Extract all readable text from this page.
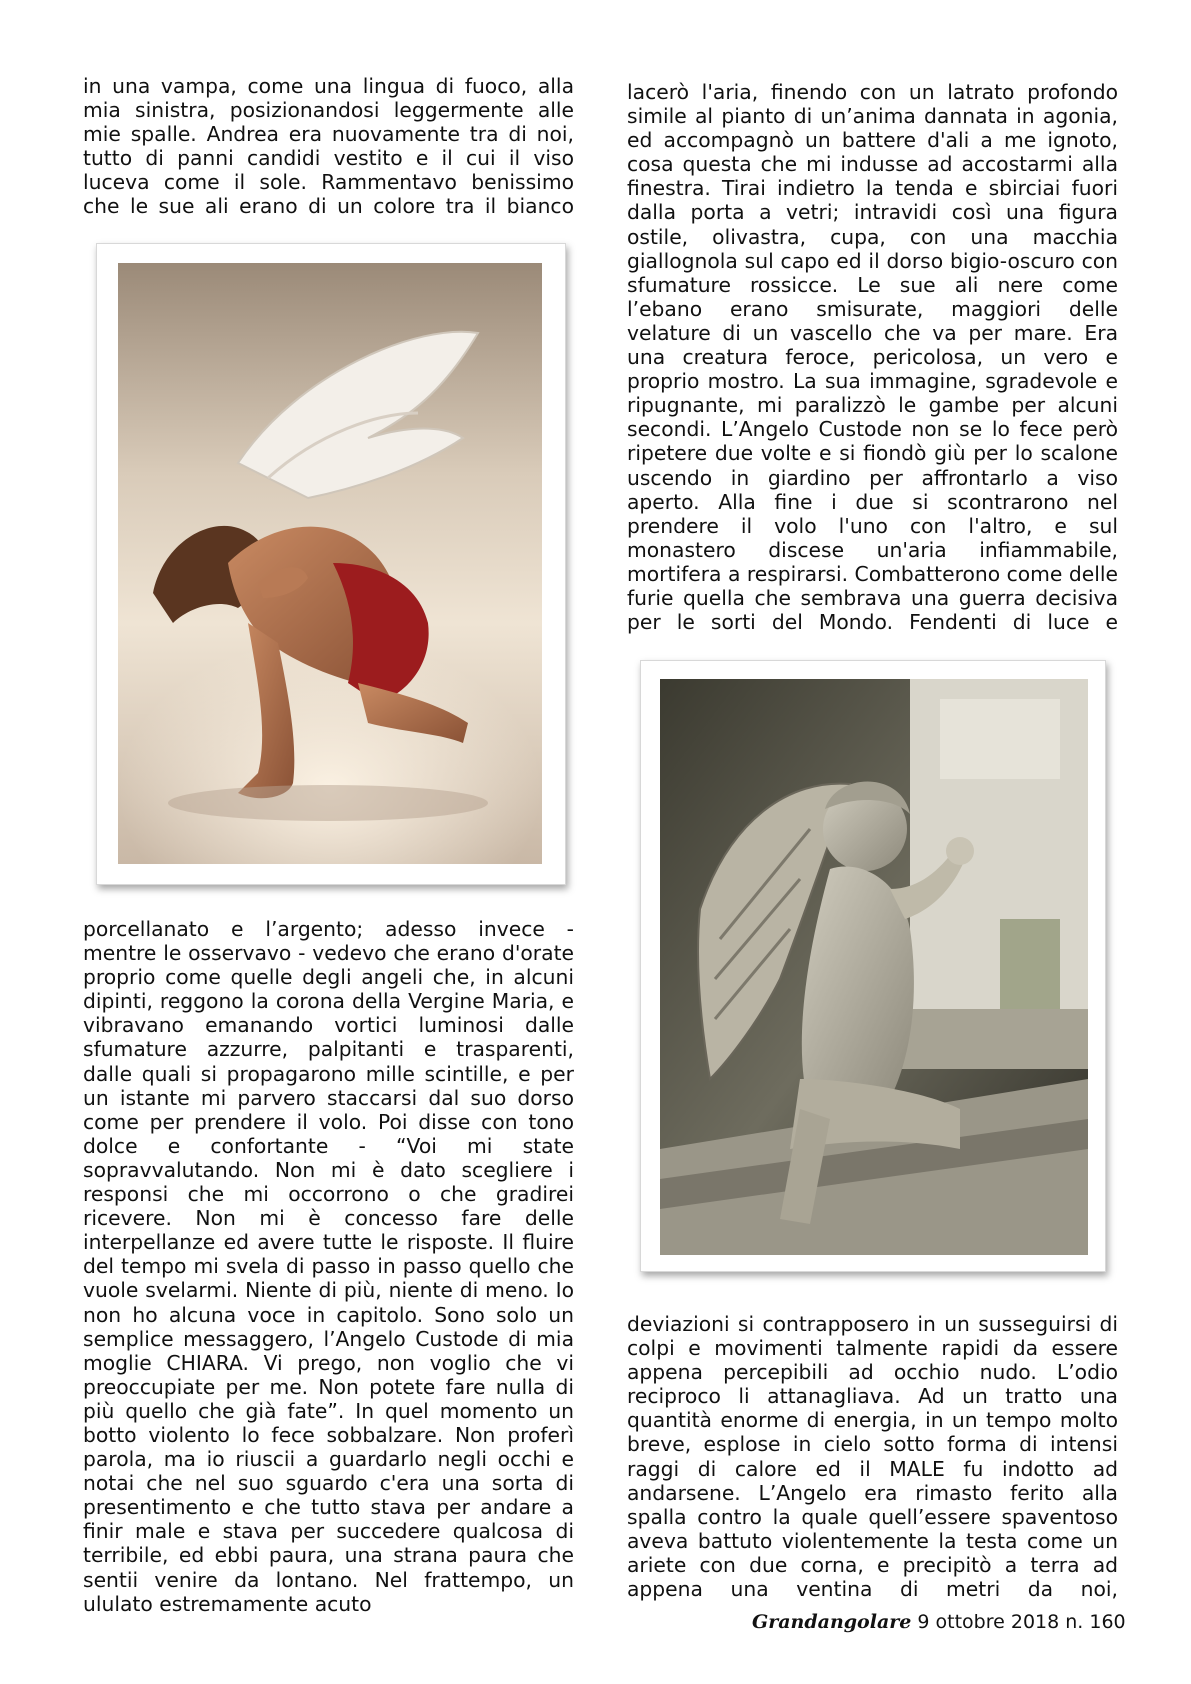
in una vampa, come una lingua di fuoco, alla mia sinistra, posizionandosi leggermente alle mie spalle. Andrea era nuovamente tra di noi, tutto di panni candidi vestito e il cui il viso luceva come il sole. Rammentavo benissimo che le sue ali erano di un colore tra il bianco

porcellanato e l’argento; adesso invece - mentre le osservavo - vedevo che erano d'orate proprio come quelle degli angeli che, in alcuni dipinti, reggono la corona della Vergine Maria, e vibravano emanando vortici luminosi dalle sfumature azzurre, palpitanti e trasparenti, dalle quali si propagarono mille scintille, e per un istante mi parvero staccarsi dal suo dorso come per prendere il volo. Poi disse con tono dolce e confortante - “Voi mi state sopravvalutando. Non mi è dato scegliere i responsi che mi occorrono o che gradirei ricevere. Non mi è concesso fare delle interpellanze ed avere tutte le risposte. Il fluire del tempo mi svela di passo in passo quello che vuole svelarmi. Niente di più, niente di meno. Io non ho alcuna voce in capitolo. Sono solo un semplice messaggero, l’Angelo Custode di mia moglie CHIARA. Vi prego, non voglio che vi preoccupiate per me. Non potete fare nulla di più quello che già fate”. In quel momento un botto violento lo fece sobbalzare. Non proferì parola, ma io riuscii a guardarlo negli occhi e notai che nel suo sguardo c'era una sorta di presentimento e che tutto stava per andare a finir male e stava per succedere qualcosa di terribile, ed ebbi paura, una strana paura che sentii venire da lontano. Nel frattempo, un ululato estremamente acuto

lacerò l'aria, finendo con un latrato profondo simile al pianto di un’anima dannata in agonia, ed accompagnò un battere d'ali a me ignoto, cosa questa che mi indusse ad accostarmi alla finestra. Tirai indietro la tenda e sbirciai fuori dalla porta a vetri; intravidi così una figura ostile, olivastra, cupa, con una macchia giallognola sul capo ed il dorso bigio-oscuro con sfumature rossicce. Le sue ali nere come l’ebano erano smisurate, maggiori delle velature di un vascello che va per mare. Era una creatura feroce, pericolosa, un vero e proprio mostro. La sua immagine, sgradevole e ripugnante, mi paralizzò le gambe per alcuni secondi. L’Angelo Custode non se lo fece però ripetere due volte e si fiondò giù per lo scalone uscendo in giardino per affrontarlo a viso aperto. Alla fine i due si scontrarono nel prendere il volo l'uno con l'altro, e sul monastero discese un'aria infiammabile, mortifera a respirarsi. Combatterono come delle furie quella che sembrava una guerra decisiva per le sorti del Mondo. Fendenti di luce e

deviazioni si contrapposero in un susseguirsi di colpi e movimenti talmente rapidi da essere appena percepibili ad occhio nudo. L’odio reciproco li attanagliava. Ad un tratto una quantità enorme di energia, in un tempo molto breve, esplose in cielo sotto forma di intensi raggi di calore ed il MALE fu indotto ad andarsene. L’Angelo era rimasto ferito alla spalla contro la quale quell’essere spaventoso aveva battuto violentemente la testa come un ariete con due corna, e precipitò a terra ad appena una ventina di metri da noi,

Grandangolare 9 ottobre 2018 n. 160
